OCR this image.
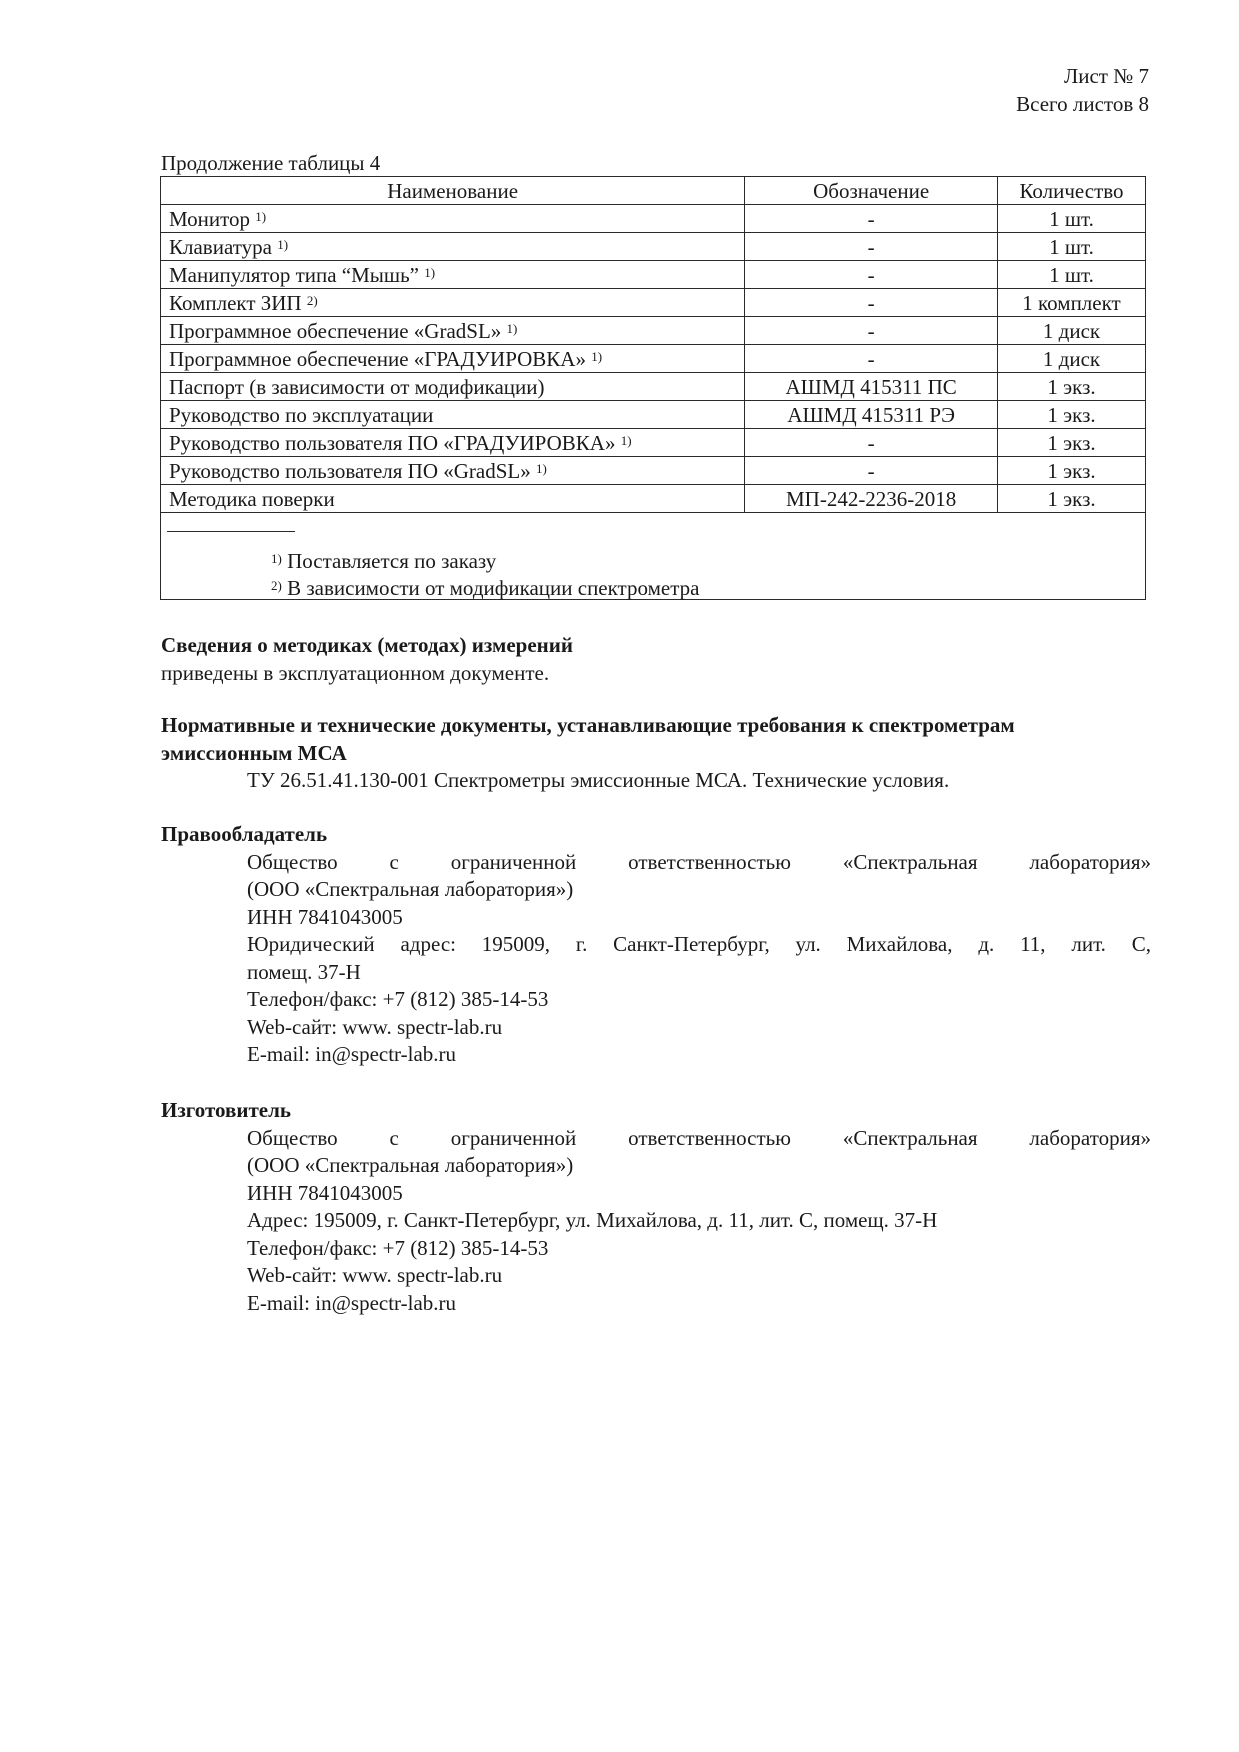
Лист № 7
Всего листов 8
Продолжение таблицы 4
Наименование	Обозначение	Количество
Монитор $^{1)}$	-	1 шт.
Клавиатура $^{1)}$	-	1 шт.
Манипулятор типа “Мышь” $^{1)}$	-	1 шт.
Комплект ЗИП $^{2)}$	-	1 комплект
Программное обеспечение «GradSL» $^{1)}$	-	1 диск
Программное обеспечение «ГРАДУИРОВКА» $^{1)}$	-	1 диск
Паспорт (в зависимости от модификации)	АШМД 415311 ПС	1 экз.
Руководство по эксплуатации	АШМД 415311 РЭ	1 экз.
Руководство пользователя ПО «ГРАДУИРОВКА» $^{1)}$	-	1 экз.
Руководство пользователя ПО «GradSL» $^{1)}$	-	1 экз.
Методика поверки	МП-242-2236-2018	1 экз.

$^{1)}$ Поставляется по заказу
$^{2)}$ В зависимости от модификации спектрометра		
Сведения о методиках (методах) измерений
приведены в эксплуатационном документе.
Нормативные и технические документы, устанавливающие требования к спектрометрам эмиссионным МСА
ТУ 26.51.41.130-001 Спектрометры эмиссионные МСА. Технические условия.
Правообладатель
Общество с ограниченной ответственностью «Спектральная лаборатория»
(ООО «Спектральная лаборатория»)
ИНН 7841043005
Юридический адрес: 195009, г. Санкт-Петербург, ул. Михайлова, д. 11, лит. С,
помещ. 37-Н
Телефон/факс: +7 (812) 385-14-53
Web-сайт: www. spectr-lab.ru
E-mail: in@spectr-lab.ru
Изготовитель
Общество с ограниченной ответственностью «Спектральная лаборатория»
(ООО «Спектральная лаборатория»)
ИНН 7841043005
Адрес: 195009, г. Санкт-Петербург, ул. Михайлова, д. 11, лит. С, помещ. 37-Н
Телефон/факс: +7 (812) 385-14-53
Web-сайт: www. spectr-lab.ru
E-mail: in@spectr-lab.ru
